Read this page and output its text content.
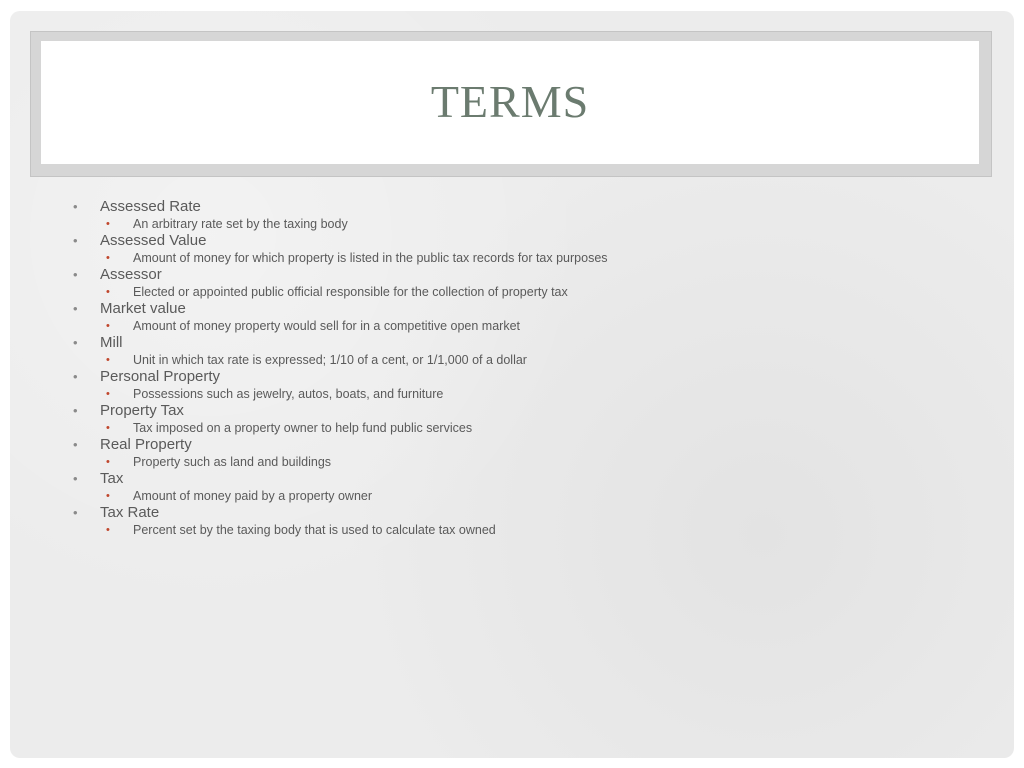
TERMS
• Assessed Rate
• An arbitrary rate set by the taxing body
• Assessed Value
• Amount of money for which property is listed in the public tax records for tax purposes
• Assessor
• Elected or appointed public official responsible for the collection of property tax
• Market value
• Amount of money property would sell for in a competitive open market
• Mill
• Unit in which tax rate is expressed; 1/10 of a cent, or 1/1,000 of a dollar
• Personal Property
• Possessions such as jewelry, autos, boats, and furniture
• Property Tax
• Tax imposed on a property owner to help fund public services
• Real Property
• Property such as land and buildings
• Tax
• Amount of money paid by a property owner
• Tax Rate
• Percent set by the taxing body that is used to calculate tax owned
